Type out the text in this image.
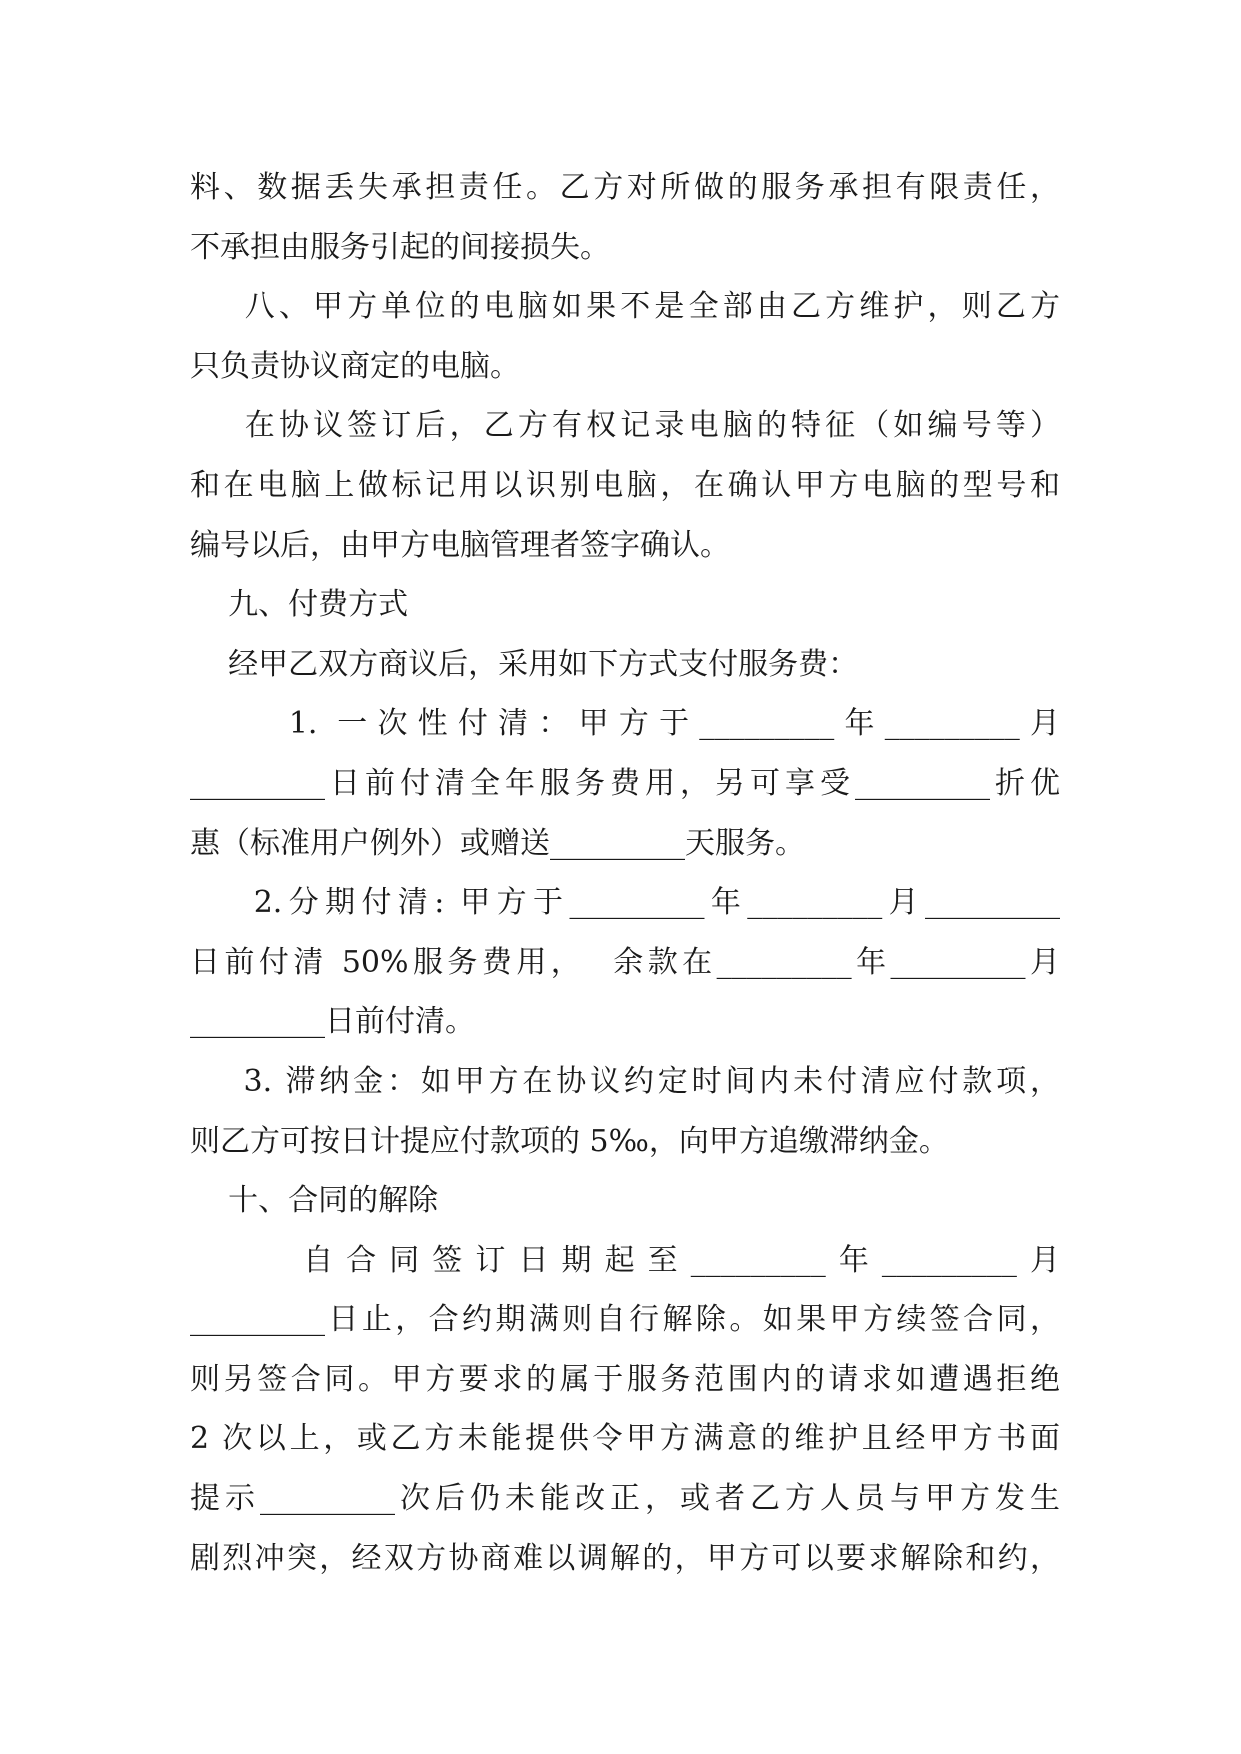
料、数据丢失承担责任。乙方对所做的服务承担有限责任，
不承担由服务引起的间接损失。
八、甲方单位的电脑如果不是全部由乙方维护，则乙方
只负责协议商定的电脑。
在协议签订后，乙方有权记录电脑的特征（如编号等）
和在电脑上做标记用以识别电脑，在确认甲方电脑的型号和
编号以后，由甲方电脑管理者签字确认。
九、付费方式
经甲乙双方商议后，采用如下方式支付服务费：
1. 一次性付清：甲方于_________年_________月
_________日前付清全年服务费用，另可享受_________折优
惠（标准用户例外）或赠送_________天服务。
2.分期付清: 甲方于_________年_________月_________
日前付清 50%服务费用，  余款在_________年_________月
_________日前付清。
3. 滞纳金：如甲方在协议约定时间内未付清应付款项，
则乙方可按日计提应付款项的 5‰，向甲方追缴滞纳金。
十、合同的解除
自合同签订日期起至_________年_________月
_________日止，合约期满则自行解除。如果甲方续签合同，
则另签合同。甲方要求的属于服务范围内的请求如遭遇拒绝
2 次以上，或乙方未能提供令甲方满意的维护且经甲方书面
提示_________次后仍未能改正，或者乙方人员与甲方发生
剧烈冲突，经双方协商难以调解的，甲方可以要求解除和约，
